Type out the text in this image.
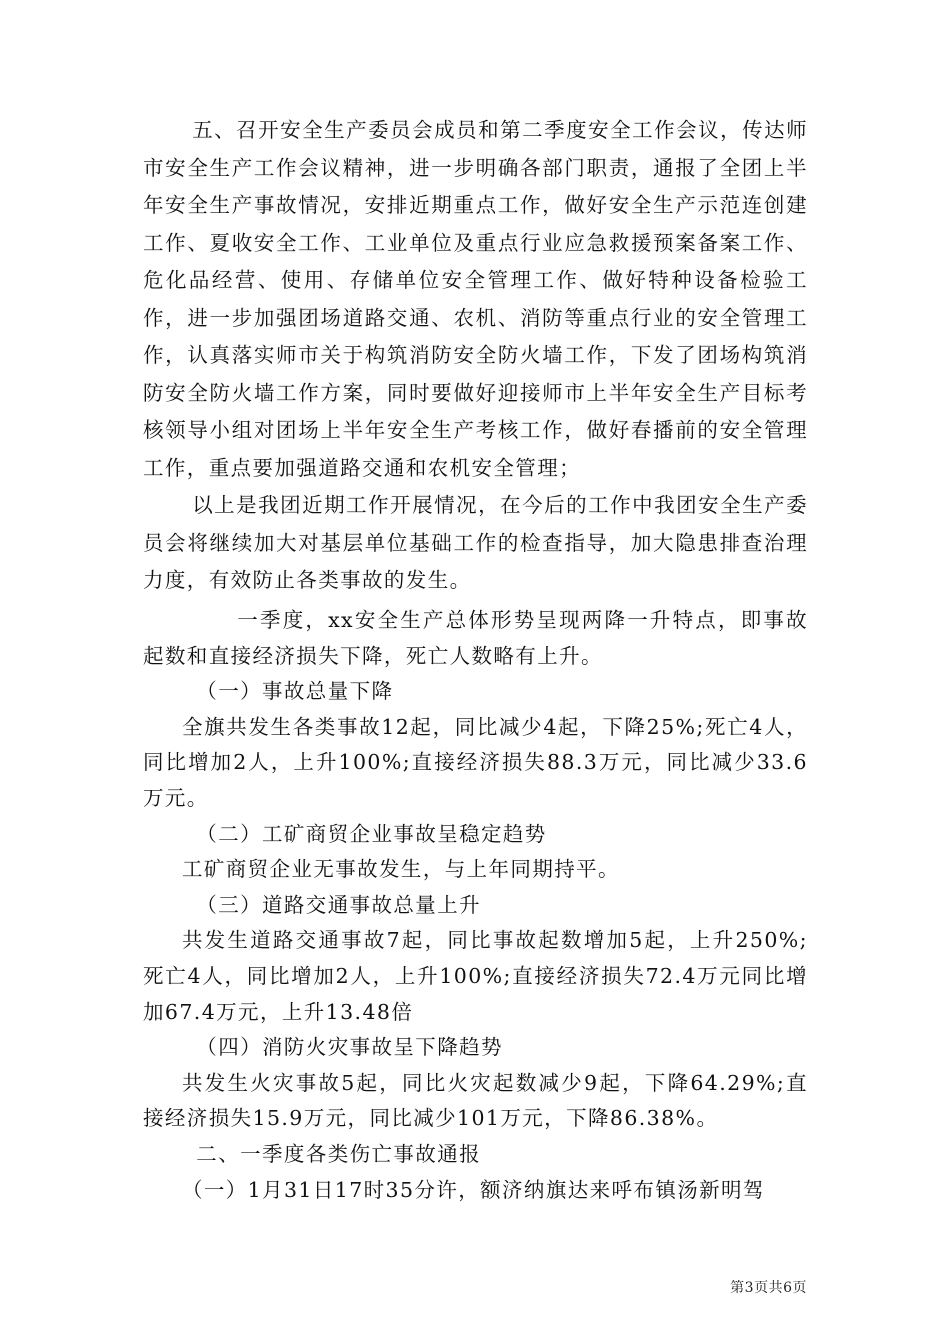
五、召开安全生产委员会成员和第二季度安全工作会议，传达师市安全生产工作会议精神，进一步明确各部门职责，通报了全团上半年安全生产事故情况，安排近期重点工作，做好安全生产示范连创建工作、夏收安全工作、工业单位及重点行业应急救援预案备案工作、危化品经营、使用、存储单位安全管理工作、做好特种设备检验工作，进一步加强团场道路交通、农机、消防等重点行业的安全管理工作，认真落实师市关于构筑消防安全防火墙工作，下发了团场构筑消防安全防火墙工作方案，同时要做好迎接师市上半年安全生产目标考核领导小组对团场上半年安全生产考核工作，做好春播前的安全管理工作，重点要加强道路交通和农机安全管理；

以上是我团近期工作开展情况，在今后的工作中我团安全生产委员会将继续加大对基层单位基础工作的检查指导，加大隐患排查治理力度，有效防止各类事故的发生。

一季度，xx安全生产总体形势呈现两降一升特点，即事故起数和直接经济损失下降，死亡人数略有上升。

（一）事故总量下降

全旗共发生各类事故12起，同比减少4起，下降25%;死亡4人，同比增加2人，上升100%;直接经济损失88.3万元，同比减少33.6万元。

（二）工矿商贸企业事故呈稳定趋势

工矿商贸企业无事故发生，与上年同期持平。

（三）道路交通事故总量上升

共发生道路交通事故7起，同比事故起数增加5起，上升250%;死亡4人，同比增加2人，上升100%;直接经济损失72.4万元同比增加67.4万元，上升13.48倍

（四）消防火灾事故呈下降趋势

共发生火灾事故5起，同比火灾起数减少9起，下降64.29%;直接经济损失15.9万元，同比减少101万元，下降86.38%。

二、一季度各类伤亡事故通报

（一）1月31日17时35分许，额济纳旗达来呼布镇汤新明驾

第3页共6页
